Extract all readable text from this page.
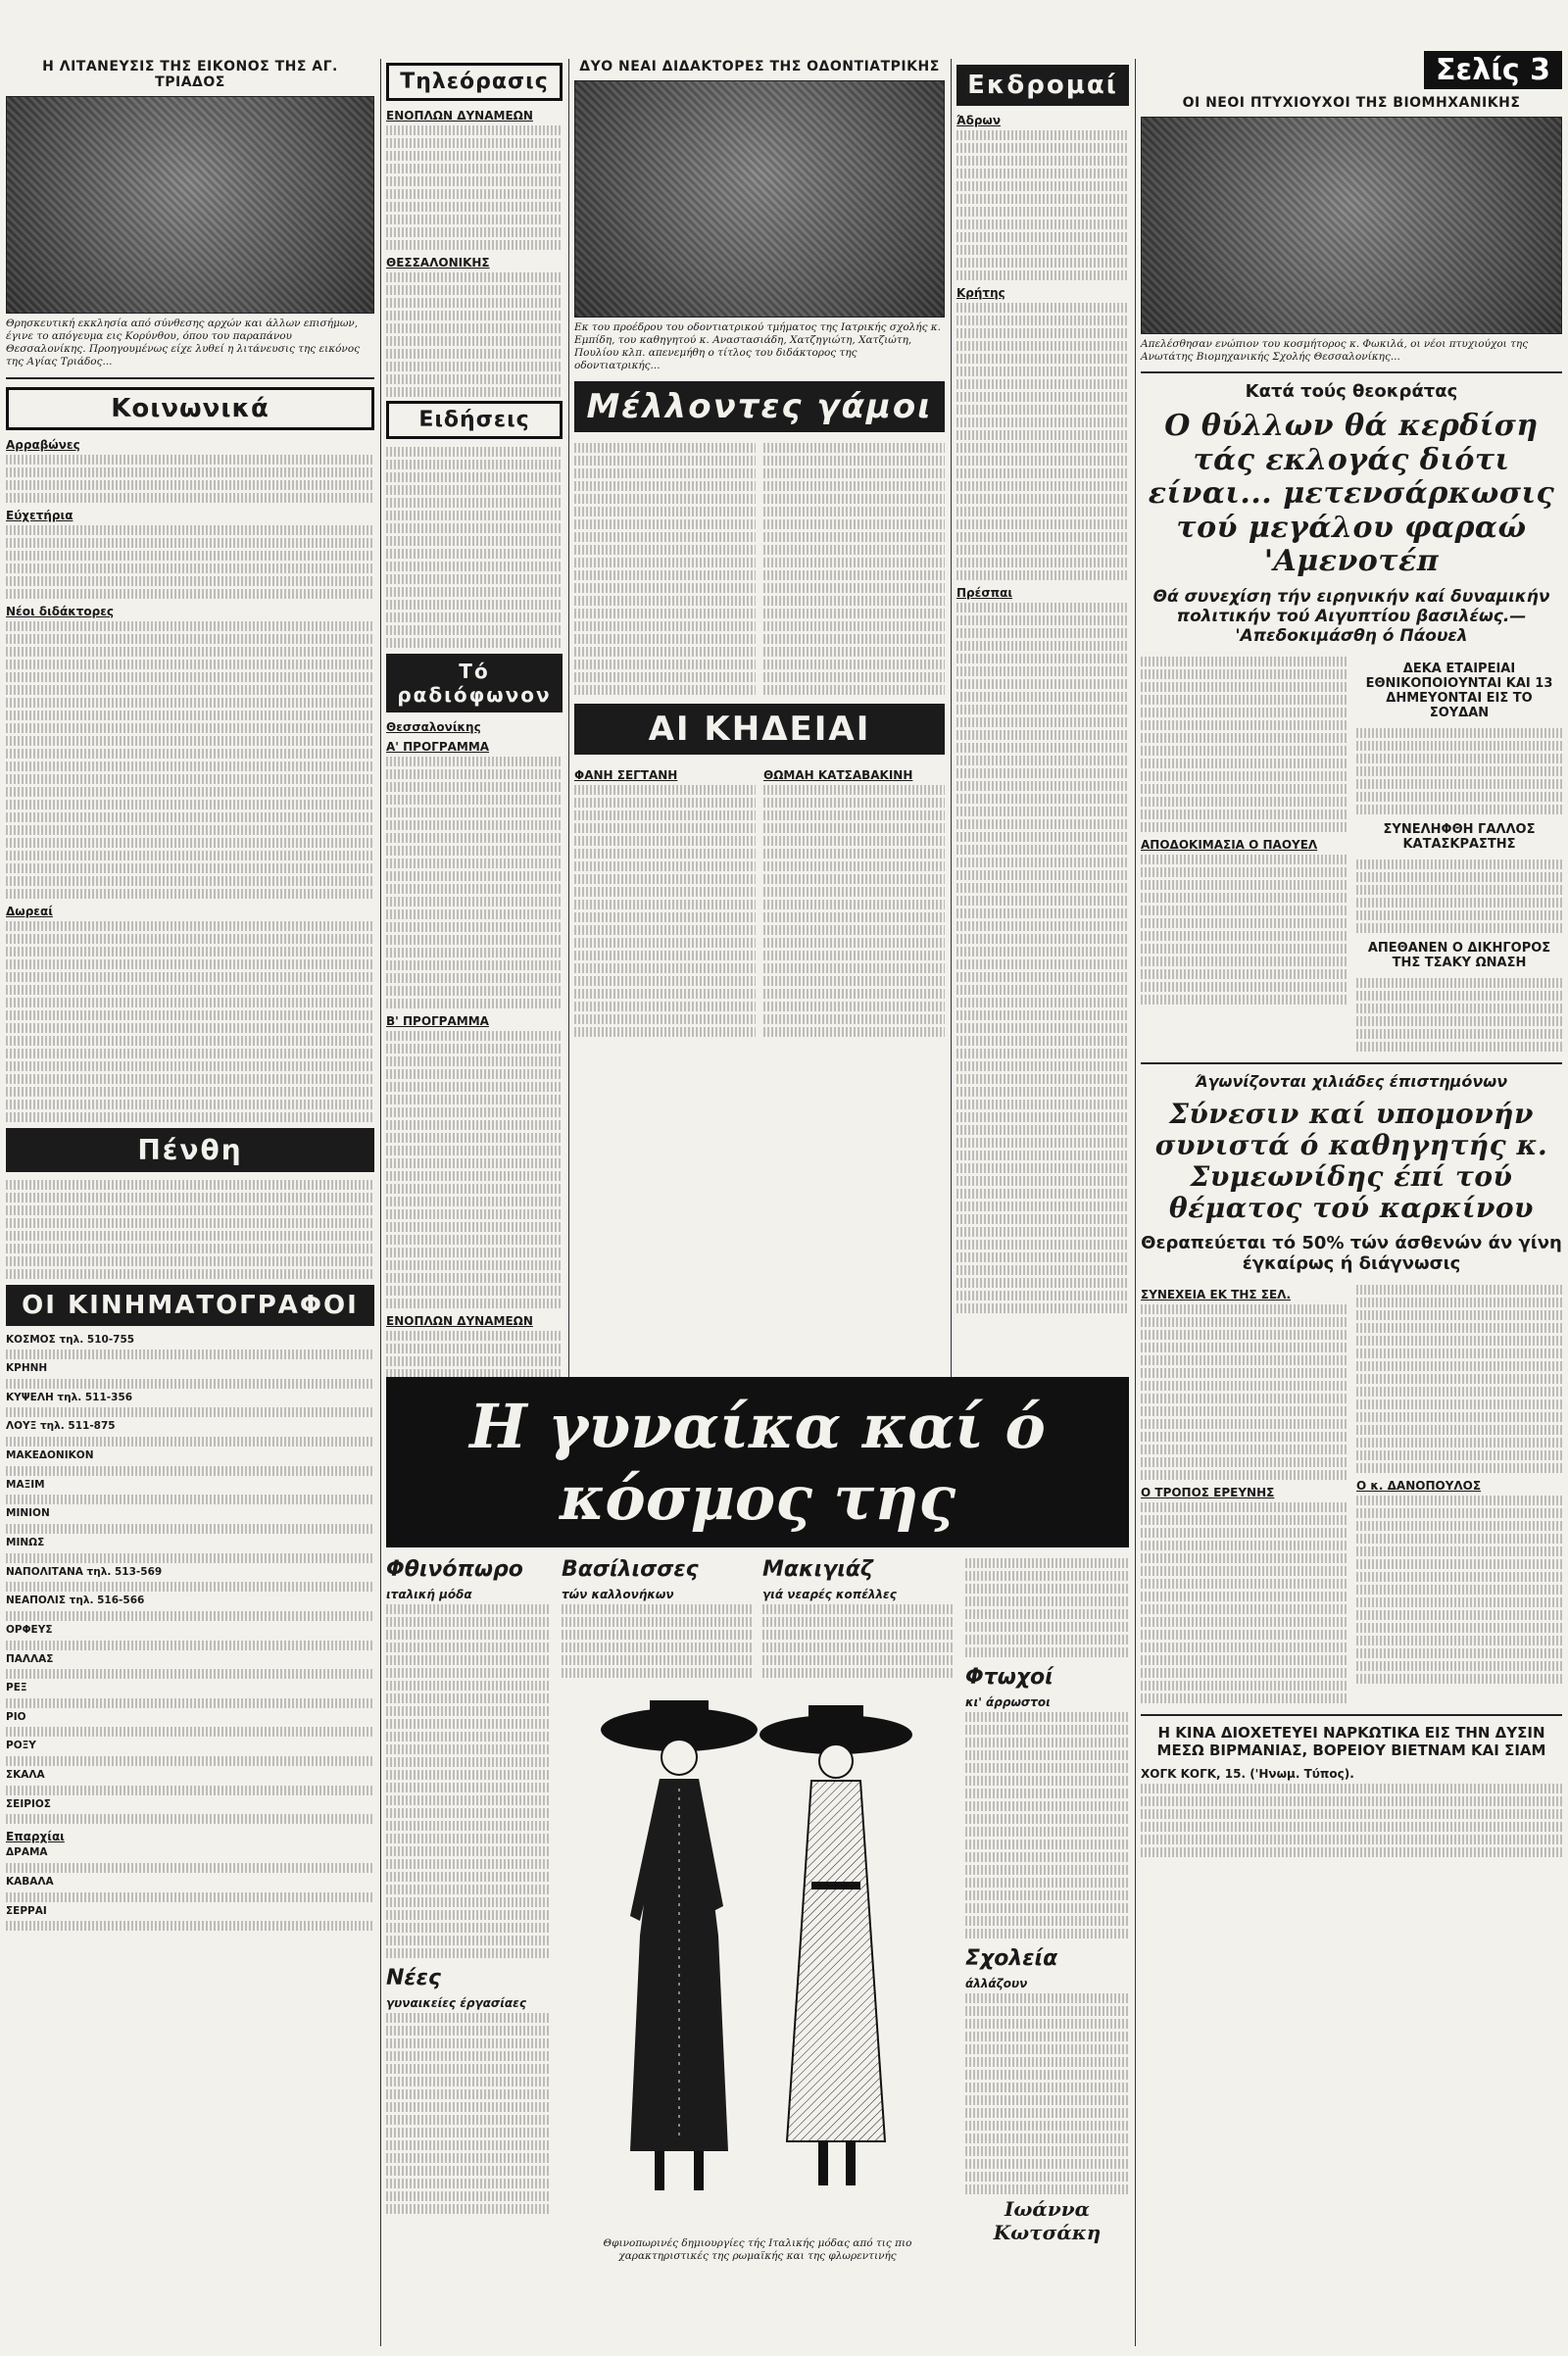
Η ΛΙΤΑΝΕΥΣΙΣ ΤΗΣ ΕΙΚΟΝΟΣ ΤΗΣ ΑΓ. ΤΡΙΑΔΟΣ
Θρησκευτική εκκλησία από σύνθεσης αρχών και άλλων επισήμων, έγινε το απόγευμα εις Κορύνθου, όπου του παραπάνου Θεσσαλονίκης. Προηγουμένως είχε λυθεί η λιτάνευσις της εικόνος της Αγίας Τριάδος...
Κοινωνικά
Αρραβώνες
Εύχετήρια
Νέοι διδάκτορες
Δωρεαί
Πένθη
ΟΙ ΚΙΝΗΜΑΤΟΓΡΑΦΟΙ
ΚΟΣΜΟΣ τηλ. 510-755
ΚΡΗΝΗ
ΚΥΨΕΛΗ τηλ. 511-356
ΛΟΥΞ τηλ. 511-875
ΜΑΚΕΔΟΝΙΚΟΝ
ΜΑΞΙΜ
ΜΙΝΙΟΝ
ΜΙΝΩΣ
ΝΑΠΟΛΙΤΑΝΑ τηλ. 513-569
ΝΕΑΠΟΛΙΣ τηλ. 516-566
ΟΡΦΕΥΣ
ΠΑΛΛΑΣ
ΡΕΞ
ΡΙΟ
ΡΟΞΥ
ΣΚΑΛΑ
ΣΕΙΡΙΟΣ
Επαρχίαι
ΔΡΑΜΑ
ΚΑΒΑΛΑ
ΣΕΡΡΑΙ
Τηλεόρασις
ΕΝΟΠΛΩΝ ΔΥΝΑΜΕΩΝ
ΘΕΣΣΑΛΟΝΙΚΗΣ
Ειδήσεις
Τό ραδιόφωνον
Θεσσαλονίκης
Α' ΠΡΟΓΡΑΜΜΑ
Β' ΠΡΟΓΡΑΜΜΑ
ΕΝΟΠΛΩΝ ΔΥΝΑΜΕΩΝ
ΔΥΟ ΝΕΑΙ ΔΙΔΑΚΤΟΡΕΣ ΤΗΣ ΟΔΟΝΤΙΑΤΡΙΚΗΣ
Εκ του προέδρου του οδοντιατρικού τμήματος της Ιατρικής σχολής κ. Εμπίδη, του καθηγητού κ. Αναστασιάδη, Χατζηγιώτη, Χατζιώτη, Πουλίου κλπ. απενεμήθη ο τίτλος του διδάκτορος της οδοντιατρικής...
Μέλλοντες γάμοι
ΑΙ ΚΗΔΕΙΑΙ
ΦΑΝΗ ΣΕΓΤΑΝΗ	ΘΩΜΑΗ ΚΑΤΣΑΒΑΚΙΝΗ
Εκδρομαί
Άδρων
Κρήτης
Πρέσπαι
Σελίς 3
ΟΙ ΝΕΟΙ ΠΤΥΧΙΟΥΧΟΙ ΤΗΣ ΒΙΟΜΗΧΑΝΙΚΗΣ
Απελέσθησαν ενώπιον του κοσμήτορος κ. Φωκιλά, οι νέοι πτυχιούχοι της Ανωτάτης Βιομηχανικής Σχολής Θεσσαλονίκης...
Κατά τούς θεοκράτας
Ο θύλλων θά κερδίση τάς εκλογάς διότι είναι... μετενσάρκωσις τού μεγάλου φαραώ 'Αμενοτέπ
Θά συνεχίση τήν ειρηνικήν καί δυναμικήν πολιτικήν τού Αιγυπτίου βασιλέως.— 'Απεδοκιμάσθη ό Πάουελ
ΑΠΟΔΟΚΙΜΑΣΙΑ Ο ΠΑΟΥΕΛ
ΔΕΚΑ ΕΤΑΙΡΕΙΑΙ ΕΘΝΙΚΟΠΟΙΟΥΝΤΑΙ ΚΑΙ 13 ΔΗΜΕΥΟΝΤΑΙ ΕΙΣ ΤΟ ΣΟΥΔΑΝ
ΣΥΝΕΛΗΦΘΗ ΓΑΛΛΟΣ ΚΑΤΑΣΚΡΑΣΤΗΣ
ΑΠΕΘΑΝΕΝ Ο ΔΙΚΗΓΟΡΟΣ ΤΗΣ ΤΣΑΚΥ ΩΝΑΣΗ
Άγωνίζονται χιλιάδες έπιστημόνων
Σύνεσιν καί υπομονήν συνιστά ό καθηγητής κ. Συμεωνίδης έπί τού θέματος τού καρκίνου
Θεραπεύεται τό 50% τών άσθενών άν γίνη έγκαίρως ή διάγνωσις
ΣΥΝΕΧΕΙΑ ΕΚ ΤΗΣ ΣΕΛ.
Ο ΤΡΟΠΟΣ ΕΡΕΥΝΗΣ	Ο κ. ΔΑΝΟΠΟΥΛΟΣ
Η ΚΙΝΑ ΔΙΟΧΕΤΕΥΕΙ ΝΑΡΚΩΤΙΚΑ ΕΙΣ ΤΗΝ ΔΥΣΙΝ ΜΕΣΩ ΒΙΡΜΑΝΙΑΣ, ΒΟΡΕΙΟΥ ΒΙΕΤΝΑΜ ΚΑΙ ΣΙΑΜ
ΧΟΓΚ ΚΟΓΚ, 15. ('Ηνωμ. Τύπος).
Η γυναίκα καί ό κόσμος της
Φθινόπωρο
ιταλική μόδα
Νέες
γυναικείες έργασίαες
Βασίλισσες
τών καλλονήκων
Μακιγιάζ
γιά νεαρές κοπέλλες
Θφινοπωρινές δημιουργίες τής Ιταλικής μόδας από τις πιο χαρακτηριστικές της ρωμαϊκής και της φλωρεντινής
Φτωχοί
κι' άρρωστοι
Σχολεία
άλλάζουν
Ιωάννα Κωτσάκη
